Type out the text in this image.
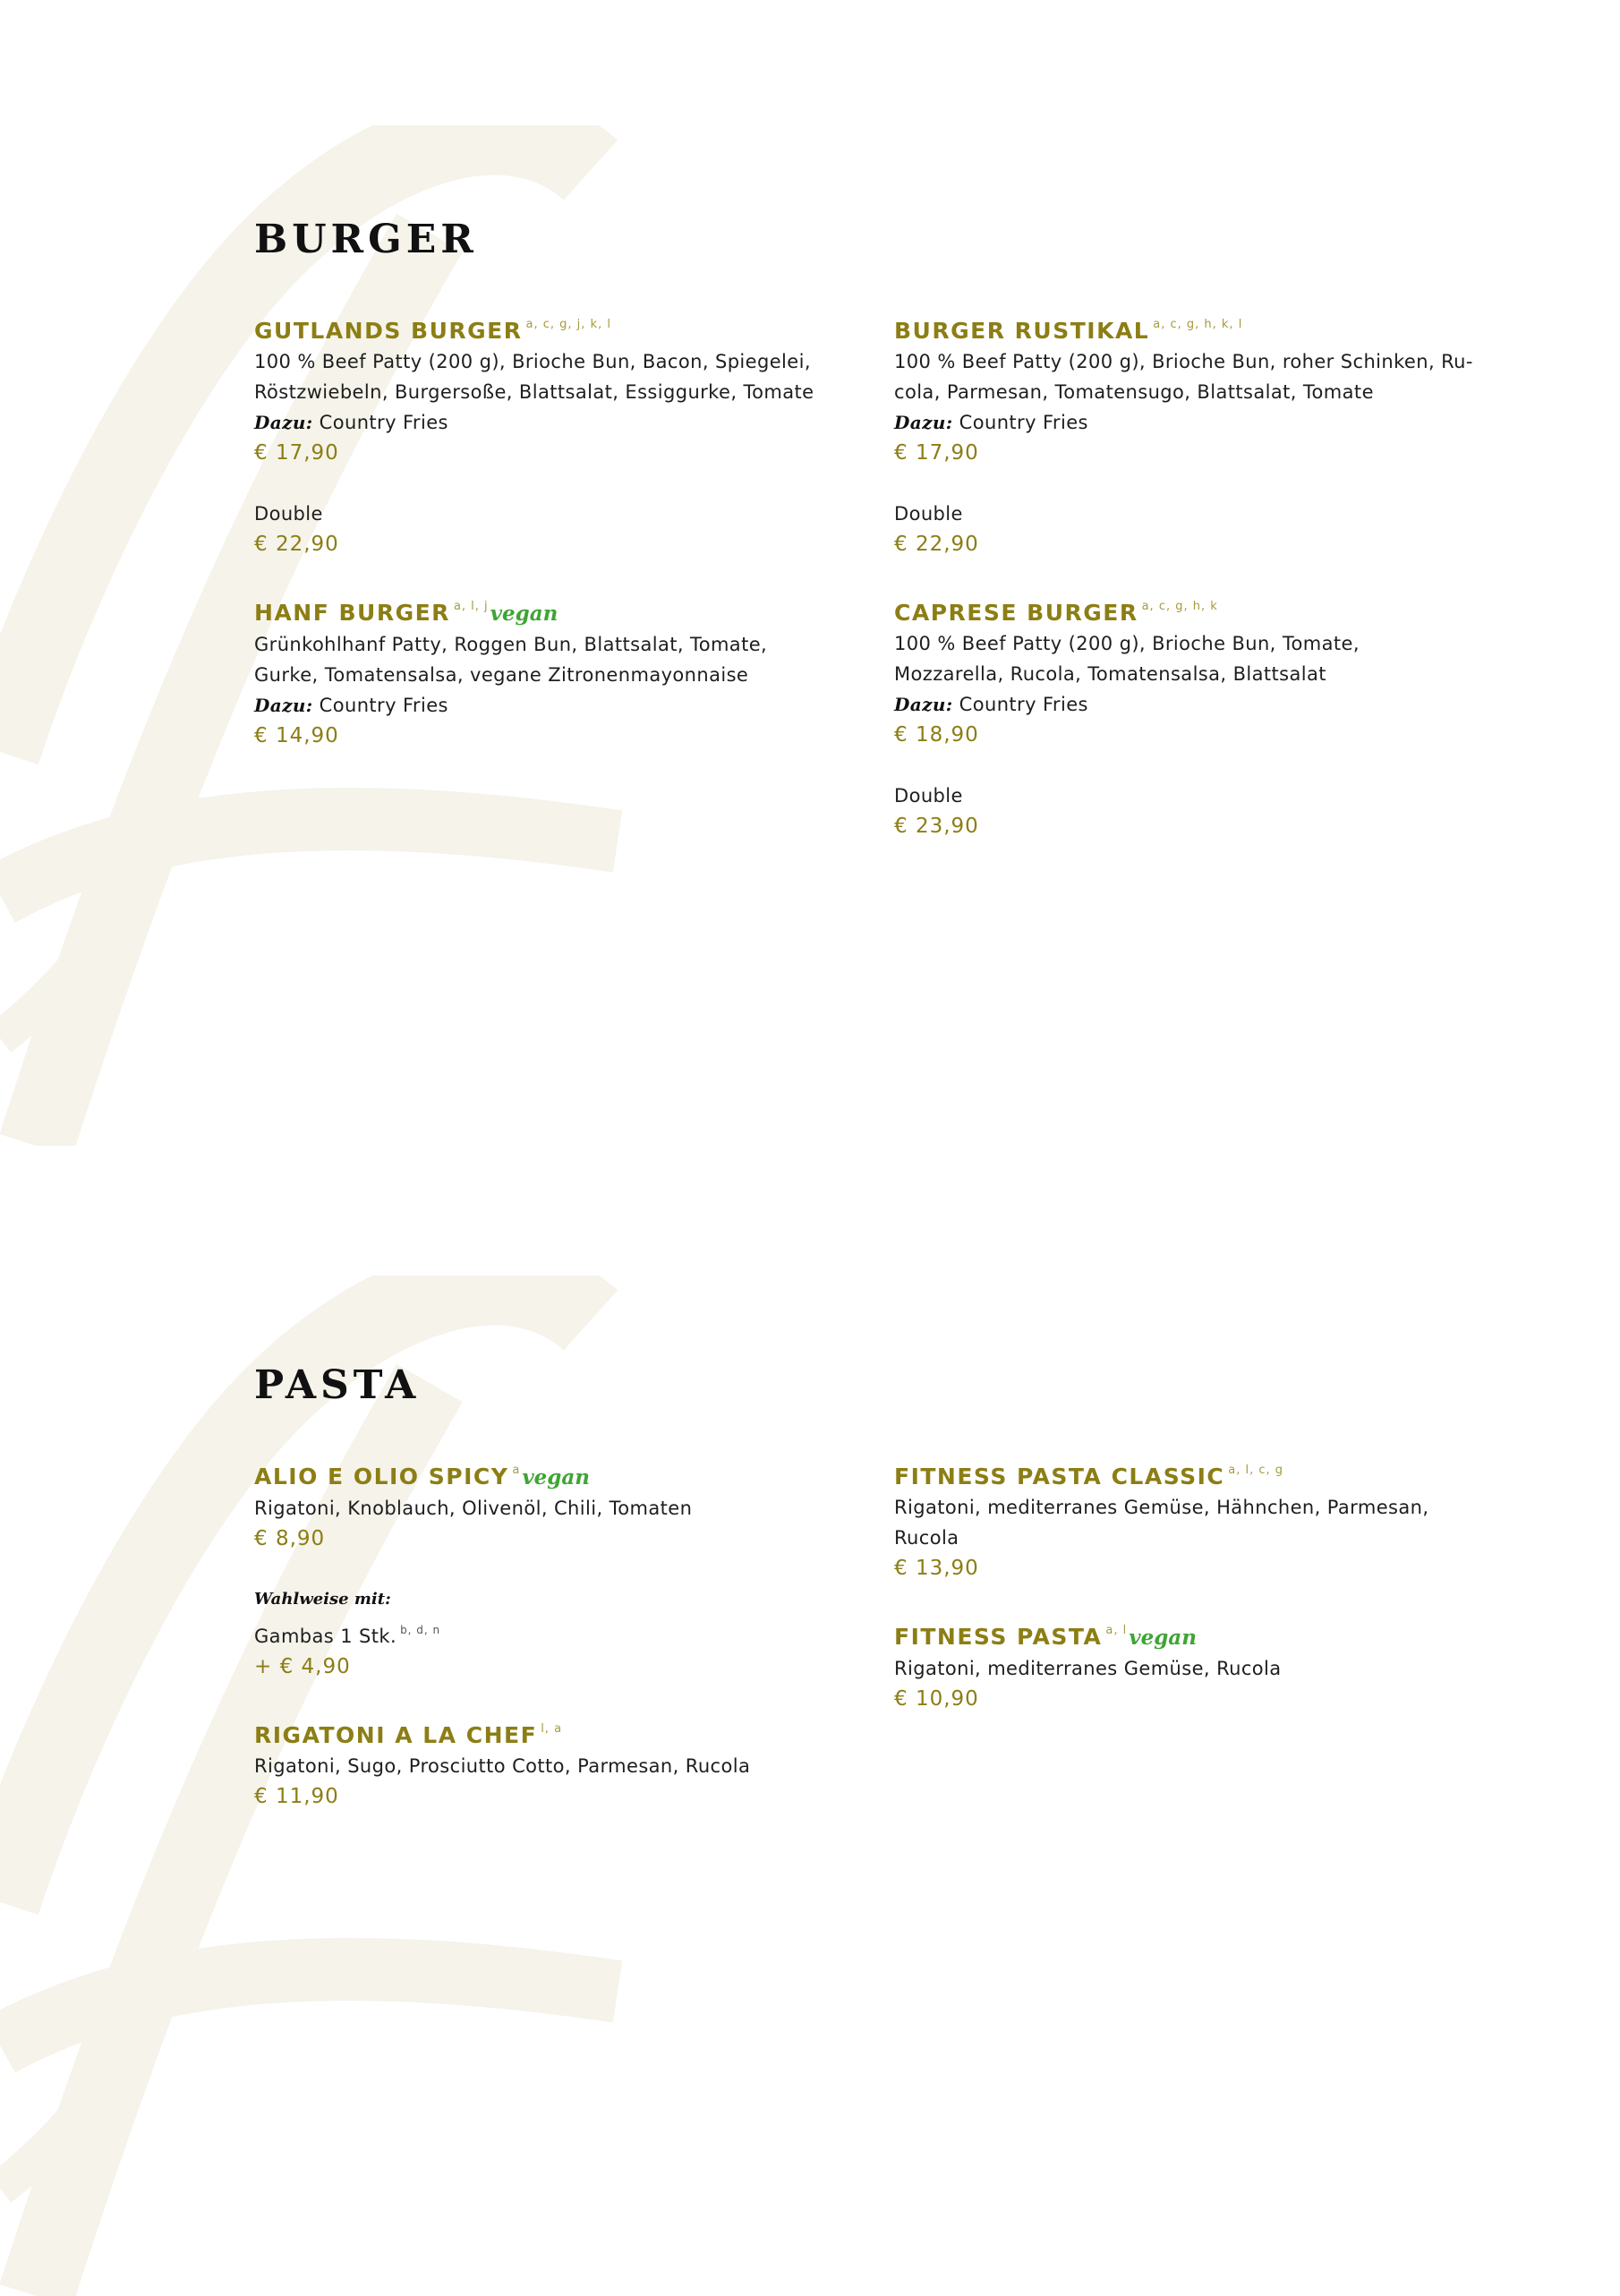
BURGER
GUTLANDS BURGER $^{a, c, g, j, k, l}$
100 % Beef Patty (200 g), Brioche Bun, Bacon, Spiegelei,
Röstzwiebeln, Burgersoße, Blattsalat, Essiggurke, Tomate
Dazu: Country Fries
€ 17,90
Double
€ 22,90
HANF BURGER $^{a, l, j}$vegan
Grünkohlhanf Patty, Roggen Bun, Blattsalat, Tomate,
Gurke, Tomatensalsa, vegane Zitronenmayonnaise
Dazu: Country Fries
€ 14,90
BURGER RUSTIKAL $^{a, c, g, h, k, l}$
100 % Beef Patty (200 g), Brioche Bun, roher Schinken, Ru-
cola, Parmesan, Tomatensugo, Blattsalat, Tomate
Dazu: Country Fries
€ 17,90
Double
€ 22,90
CAPRESE BURGER $^{a, c, g, h, k}$
100 % Beef Patty (200 g), Brioche Bun, Tomate,
Mozzarella, Rucola, Tomatensalsa, Blattsalat
Dazu: Country Fries
€ 18,90
Double
€ 23,90
PASTA
ALIO E OLIO SPICY $^a$vegan
Rigatoni, Knoblauch, Olivenöl, Chili, Tomaten
€ 8,90
Wahlweise mit:
Gambas 1 Stk. $^{b, d, n}$
+ € 4,90
RIGATONI A LA CHEF $^{l, a}$
Rigatoni, Sugo, Prosciutto Cotto, Parmesan, Rucola
€ 11,90
FITNESS PASTA CLASSIC $^{a, l, c, g}$
Rigatoni, mediterranes Gemüse, Hähnchen, Parmesan,
Rucola
€ 13,90
FITNESS PASTA $^{a, l}$vegan
Rigatoni, mediterranes Gemüse, Rucola
€ 10,90
